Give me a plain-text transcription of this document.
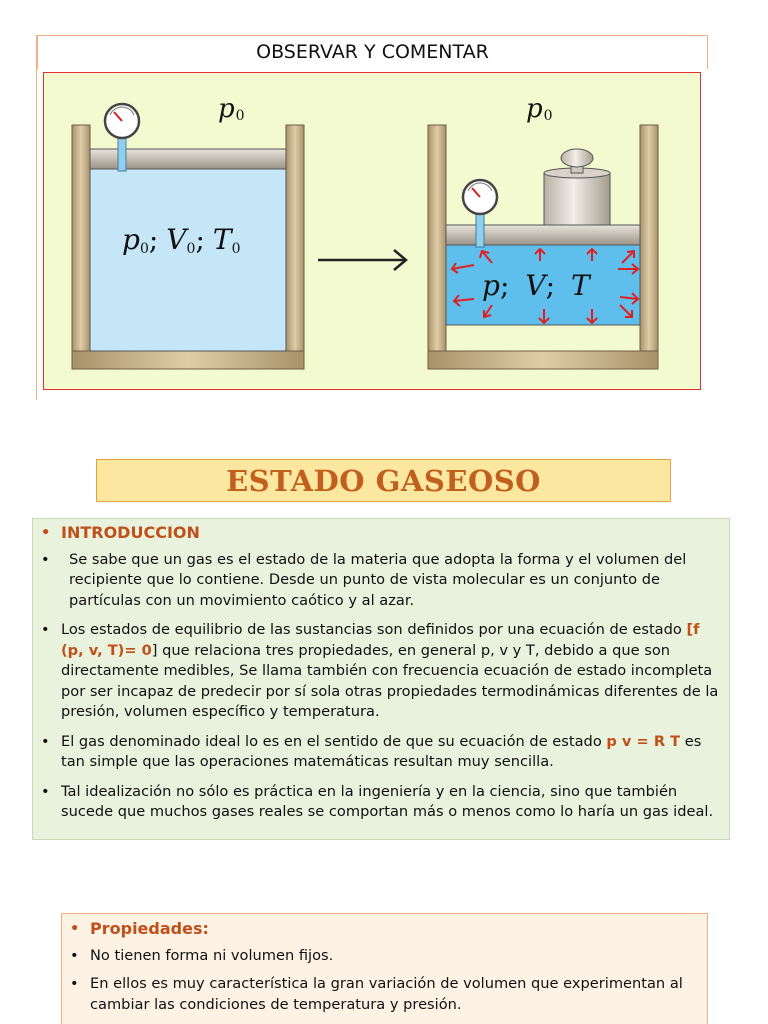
OBSERVAR Y COMENTAR
p0	p0
p0; V0; T0
p; V; T
ESTADO GASEOSO
• INTRODUCCION
• Se sabe que un gas es el estado de la materia que adopta la forma y el volumen del recipiente que lo contiene. Desde un punto de vista molecular es un conjunto de partículas con un movimiento caótico y al azar.
• Los estados de equilibrio de las sustancias son definidos por una ecuación de estado [f (p, v, T)= 0] que relaciona tres propiedades, en general p, v y T, debido a que son directamente medibles, Se llama también con frecuencia ecuación de estado incompleta por ser incapaz de predecir por sí sola otras propiedades termodinámicas diferentes de la presión, volumen específico y temperatura.
• El gas denominado ideal lo es en el sentido de que su ecuación de estado p v = R T es tan simple que las operaciones matemáticas resultan muy sencilla.
• Tal idealización no sólo es práctica en la ingeniería y en la ciencia, sino que también sucede que muchos gases reales se comportan más o menos como lo haría un gas ideal.
• Propiedades:
• No tienen forma ni volumen fijos.
• En ellos es muy característica la gran variación de volumen que experimentan al cambiar las condiciones de temperatura y presión.
